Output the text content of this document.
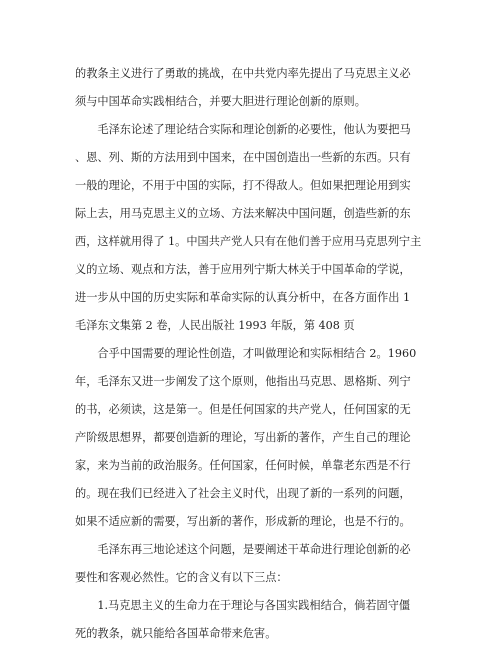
的教条主义进行了勇敢的挑战，在中共党内率先提出了马克思主义必
须与中国革命实践相结合，并要大胆进行理论创新的原则。
　　毛泽东论述了理论结合实际和理论创新的必要性，他认为要把马
、恩、列、斯的方法用到中国来，在中国创造出一些新的东西。只有
一般的理论，不用于中国的实际，打不得敌人。但如果把理论用到实
际上去，用马克思主义的立场、方法来解决中国问题，创造些新的东
西，这样就用得了 1。中国共产党人只有在他们善于应用马克思列宁主
义的立场、观点和方法，善于应用列宁斯大林关于中国革命的学说，
进一步从中国的历史实际和革命实际的认真分析中，在各方面作出 1
毛泽东文集第 2 卷，人民出版社 1993 年版，第 408 页
　　合乎中国需要的理论性创造，才叫做理论和实际相结合 2。1960
年，毛泽东又进一步阐发了这个原则，他指出马克思、恩格斯、列宁
的书，必须读，这是第一。但是任何国家的共产党人，任何国家的无
产阶级思想界，都要创造新的理论，写出新的著作，产生自己的理论
家，来为当前的政治服务。任何国家，任何时候，单靠老东西是不行
的。现在我们已经进入了社会主义时代，出现了新的一系列的问题，
如果不适应新的需要，写出新的著作，形成新的理论，也是不行的。
　　毛泽东再三地论述这个问题，是要阐述干革命进行理论创新的必
要性和客观必然性。它的含义有以下三点：
　　1.马克思主义的生命力在于理论与各国实践相结合，倘若固守僵
死的教条，就只能给各国革命带来危害。
